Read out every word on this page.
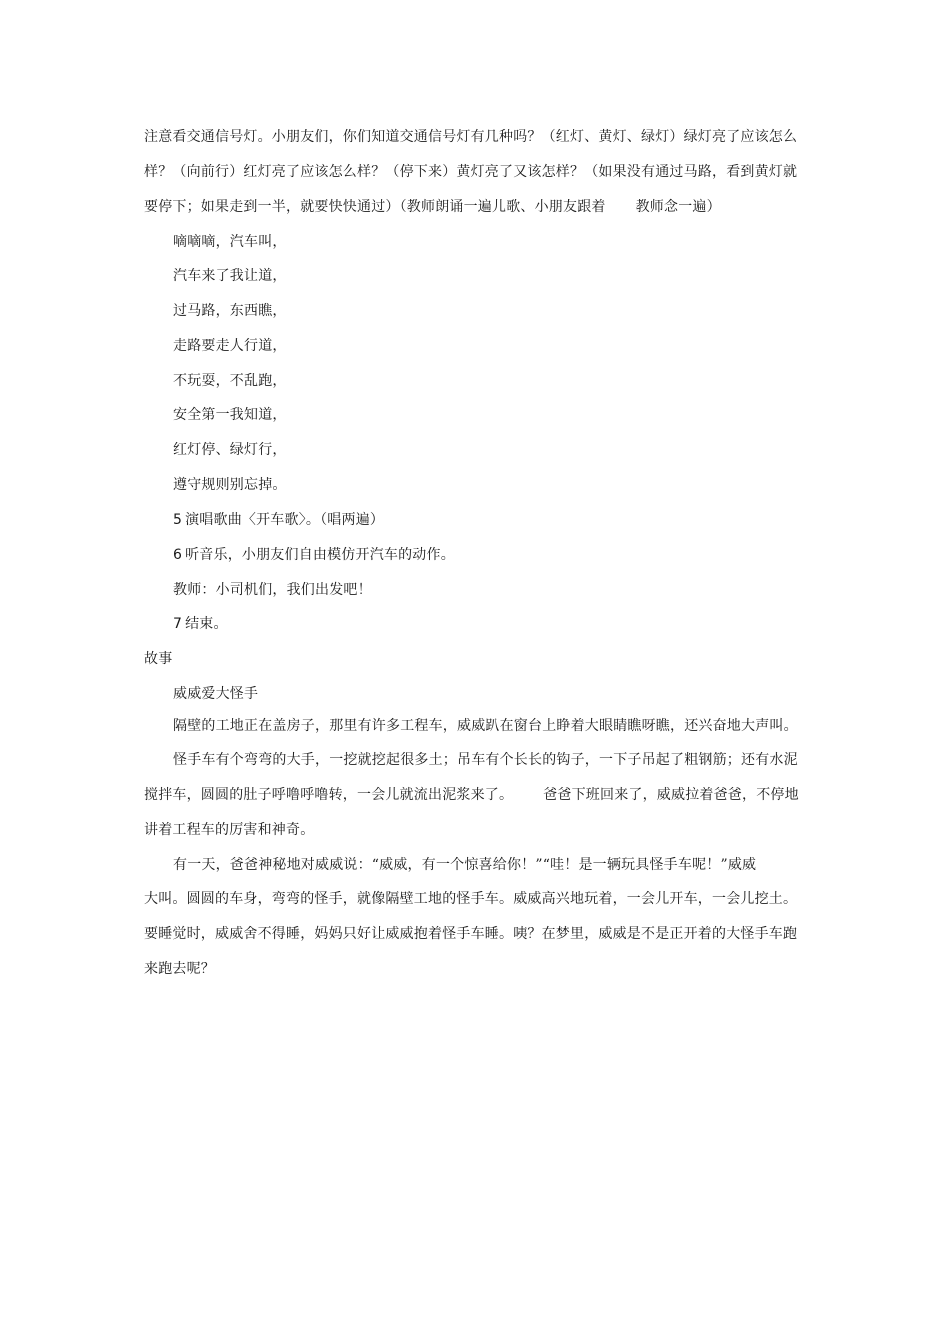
注意看交通信号灯。小朋友们，你们知道交通信号灯有几种吗？（红灯、黄灯、绿灯）绿灯亮了应该怎么
样？（向前行）红灯亮了应该怎么样？（停下来）黄灯亮了又该怎样？（如果没有通过马路，看到黄灯就
要停下；如果走到一半，就要快快通过）（教师朗诵一遍儿歌、小朋友跟着 教师念一遍）
嘀嘀嘀，汽车叫，
汽车来了我让道，
过马路，东西瞧，
走路要走人行道，
不玩耍，不乱跑，
安全第一我知道，
红灯停、绿灯行，
遵守规则别忘掉。
5 演唱歌曲〈开车歌〉。（唱两遍）
6 听音乐，小朋友们自由模仿开汽车的动作。
教师：小司机们，我们出发吧！
7 结束。
故事
威威爱大怪手
隔壁的工地正在盖房子，那里有许多工程车，威威趴在窗台上睁着大眼睛瞧呀瞧，还兴奋地大声叫。
怪手车有个弯弯的大手，一挖就挖起很多土；吊车有个长长的钩子，一下子吊起了粗钢筋；还有水泥
搅拌车，圆圆的肚子呼噜呼噜转，一会儿就流出泥浆来了。 爸爸下班回来了，威威拉着爸爸，不停地
讲着工程车的厉害和神奇。
有一天，爸爸神秘地对威威说：“威威，有一个惊喜给你！”“哇！是一辆玩具怪手车呢！”威威
大叫。圆圆的车身，弯弯的怪手，就像隔壁工地的怪手车。威威高兴地玩着，一会儿开车，一会儿挖土。
要睡觉时，威威舍不得睡，妈妈只好让威威抱着怪手车睡。咦？在梦里，威威是不是正开着的大怪手车跑
来跑去呢？
